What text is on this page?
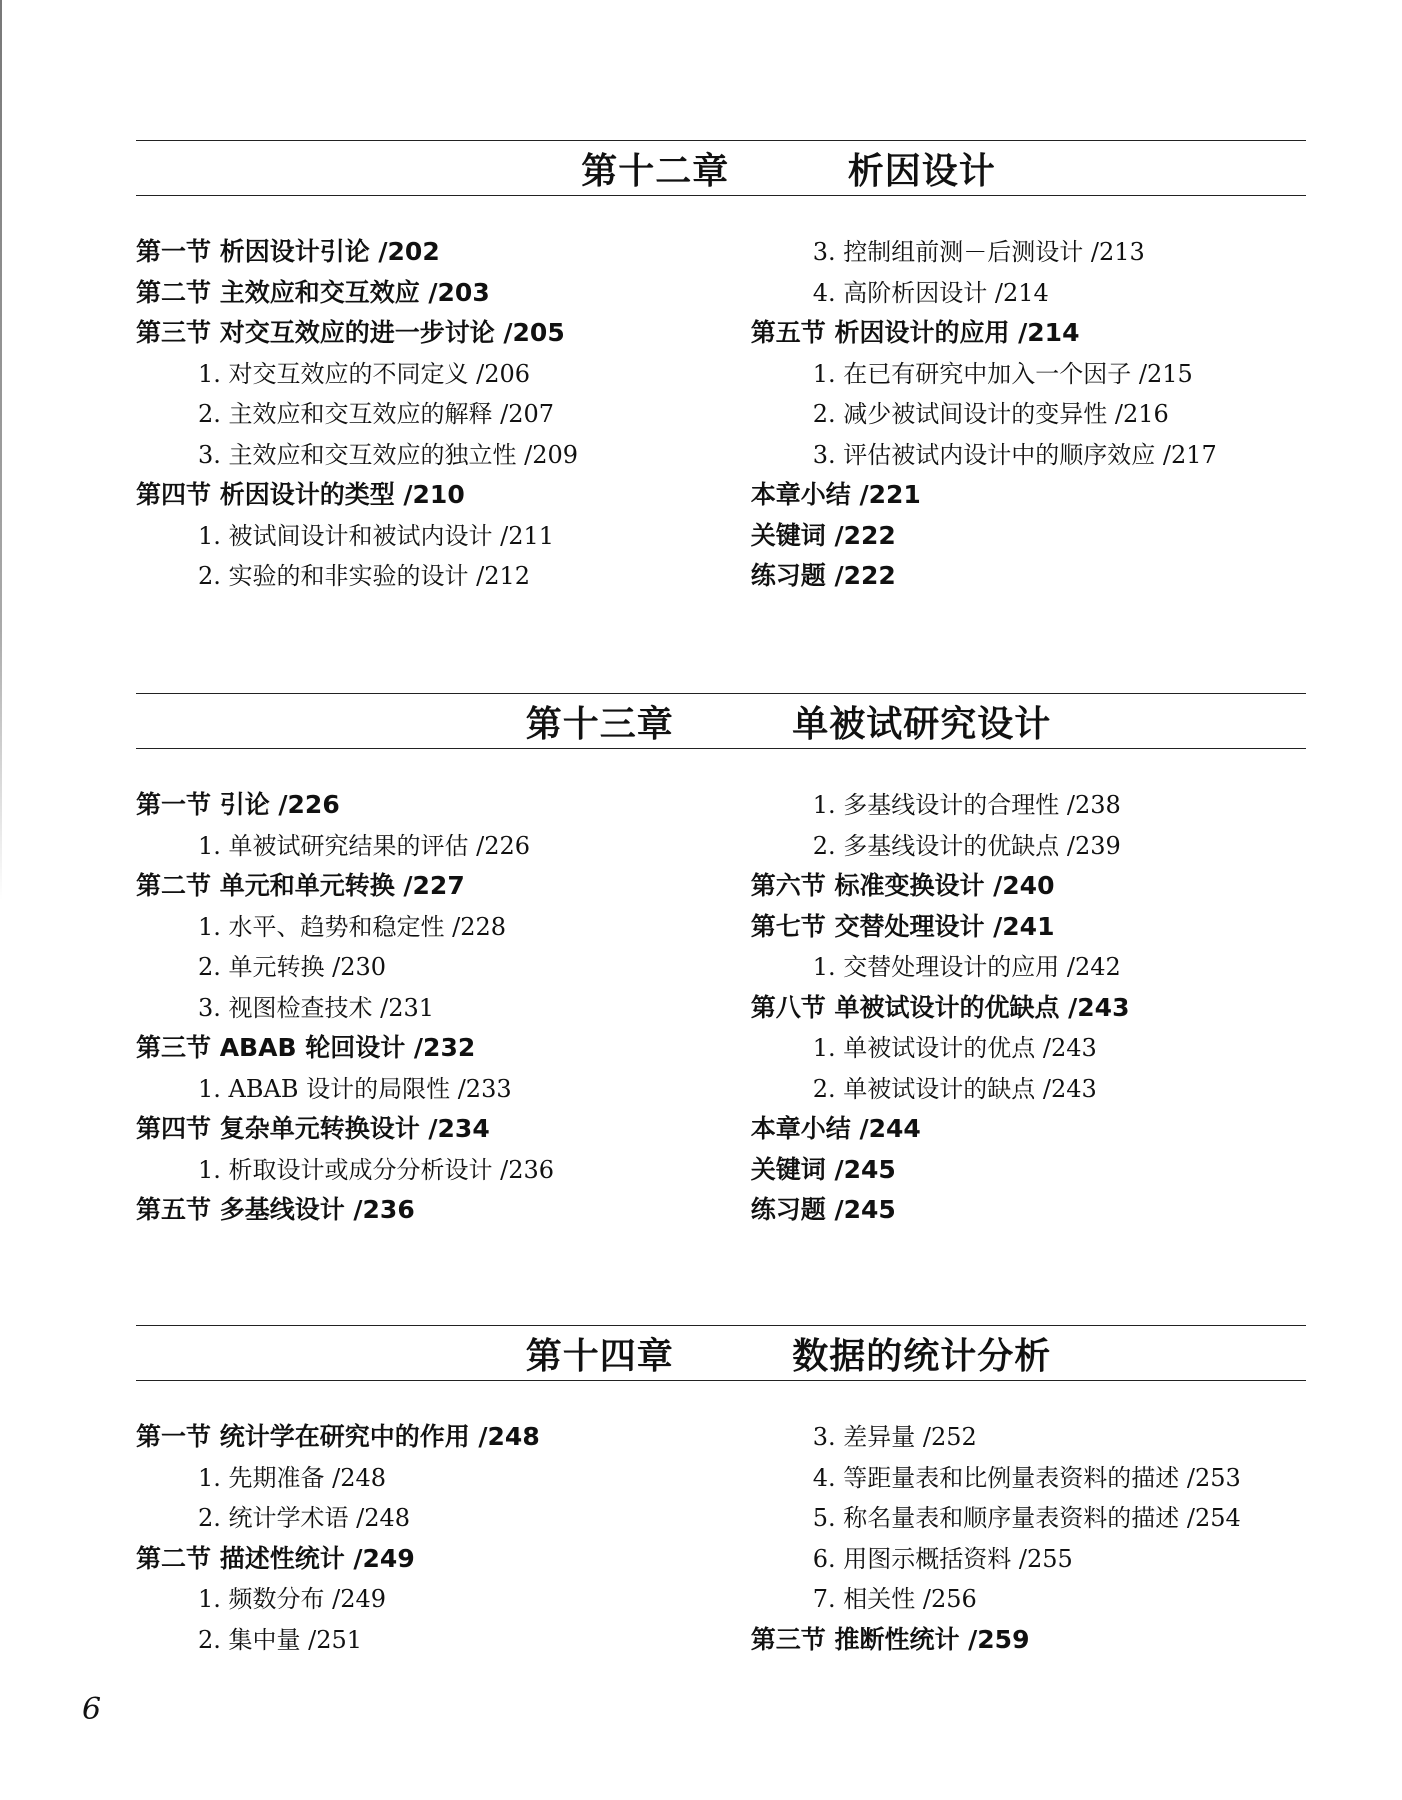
第十二章   析因设计
第一节 析因设计引论 /202
第二节 主效应和交互效应 /203
第三节 对交互效应的进一步讨论 /205
1. 对交互效应的不同定义 /206
2. 主效应和交互效应的解释 /207
3. 主效应和交互效应的独立性 /209
第四节 析因设计的类型 /210
1. 被试间设计和被试内设计 /211
2. 实验的和非实验的设计 /212
3. 控制组前测－后测设计 /213
4. 高阶析因设计 /214
第五节 析因设计的应用 /214
1. 在已有研究中加入一个因子 /215
2. 减少被试间设计的变异性 /216
3. 评估被试内设计中的顺序效应 /217
本章小结 /221
关键词 /222
练习题 /222
第十三章   单被试研究设计
第一节 引论 /226
1. 单被试研究结果的评估 /226
第二节 单元和单元转换 /227
1. 水平、趋势和稳定性 /228
2. 单元转换 /230
3. 视图检查技术 /231
第三节 ABAB 轮回设计 /232
1. ABAB 设计的局限性 /233
第四节 复杂单元转换设计 /234
1. 析取设计或成分分析设计 /236
第五节 多基线设计 /236
1. 多基线设计的合理性 /238
2. 多基线设计的优缺点 /239
第六节 标准变换设计 /240
第七节 交替处理设计 /241
1. 交替处理设计的应用 /242
第八节 单被试设计的优缺点 /243
1. 单被试设计的优点 /243
2. 单被试设计的缺点 /243
本章小结 /244
关键词 /245
练习题 /245
第十四章   数据的统计分析
第一节 统计学在研究中的作用 /248
1. 先期准备 /248
2. 统计学术语 /248
第二节 描述性统计 /249
1. 频数分布 /249
2. 集中量 /251
3. 差异量 /252
4. 等距量表和比例量表资料的描述 /253
5. 称名量表和顺序量表资料的描述 /254
6. 用图示概括资料 /255
7. 相关性 /256
第三节 推断性统计 /259
6
